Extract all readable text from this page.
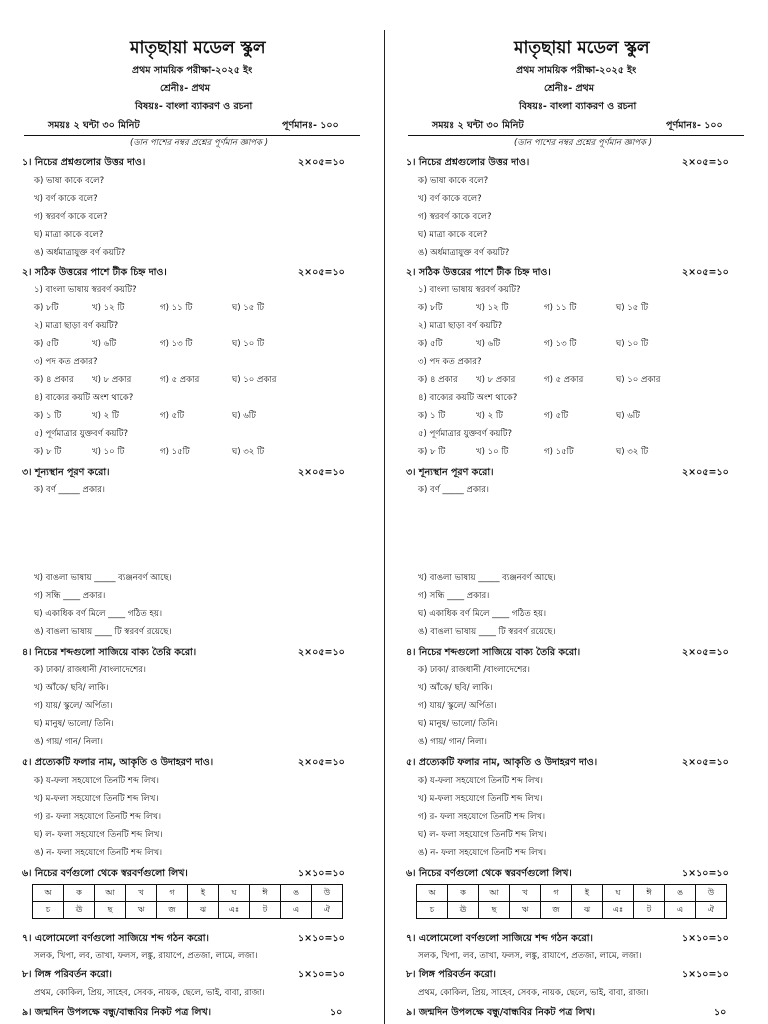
মাতৃছায়া মডেল স্কুল
প্রথম সাময়িক পরীক্ষা-২০২৫ ইং
শ্রেনীঃ- প্রথম
বিষয়ঃ- বাংলা ব্যাকরণ ও রচনা
সময়ঃ ২ ঘন্টা ৩০ মিনিট	পূর্ণমানঃ- ১০০
(ডান পাশের নম্বর প্রশ্নের পূর্ণমান জ্ঞাপক )
১। নিচের প্রশ্নগুলোর উত্তর দাও।	২×০৫=১০
ক) ভাষা কাকে বলে?
খ) বর্ণ কাকে বলে?
গ) স্বরবর্ণ কাকে বলে?
ঘ) মাত্রা কাকে বলে?
ঙ) অর্ধমাত্রাযুক্ত বর্ণ কয়টি?
২। সঠিক উত্তরের পাশে টীক চিহ্ন দাও।	২×০৫=১০
১) বাংলা ভাষায় স্বরবর্ণ কয়টি?
ক) ৮টি	খ) ১২ টি	গ) ১১ টি	ঘ) ১৫ টি
২) মাত্রা ছাড়া বর্ণ কয়টি?
ক) ৫টি	খ) ৬টি	গ) ১৩ টি	ঘ) ১০ টি
৩) পদ কত প্রকার?
ক) ৪ প্রকার খ) ৮ প্রকার	গ) ৫ প্রকার	ঘ) ১০ প্রকার
৪) বাক্যের কয়টি অংশ থাকে?
ক) ১ টি	খ) ২ টি	গ) ৫টি	ঘ) ৬টি
৫) পূর্ণমাত্রার যুক্তবর্ণ কয়টি?
ক) ৮ টি	খ) ১০ টি	গ) ১৫টি	ঘ) ৩২ টি
৩। শূন্যস্থান পূরণ করো।	২×০৫=১০
ক) বর্ণ _____ প্রকার।
খ) বাঙলা ভাষায় _____ ব্যঞ্জনবর্ণ আছে।
গ) সন্ধি ____ প্রকার।
ঘ) একাধিক বর্ণ মিলে ____ গঠিত হয়।
ঙ) বাঙলা ভাষায় ____ টি স্বরবর্ণ রয়েছে।
৪। নিচের শব্দগুলো সাজিয়ে বাক্য তৈরি করো।	২×০৫=১০
ক) ঢাকা/ রাজধানী /বাংলাদেশের।
খ) আঁকে/ ছবি/ লাকি।
গ) যায়/ স্কুলে/ অর্পিতা।
ঘ) মানুষ/ ভালো/ তিনি।
ঙ) গায়/ গান/ নিলা।
৫। প্রত্যেকটি ফলার নাম, আকৃতি ও উদাহরণ দাও।	২×০৫=১০
ক) য-ফলা সহযোগে তিনটি শব্দ লিখ।
খ) ম-ফলা সহযোগে তিনটি শব্দ লিখ।
গ) র- ফলা সহযোগে তিনটি শব্দ লিখ।
ঘ) ল- ফলা সহযোগে তিনটি শব্দ লিখ।
ঙ) ন- ফলা সহযোগে তিনটি শব্দ লিখ।
৬। নিচের বর্ণগুলো থেকে স্বরবর্ণগুলো লিখ।	১×১০=১০
অ	ক	আ	খ	গ	ই	ঘ	ঈ	ঙ	উ
চ	ঊ	ছ	ঋ	জ	ঝ	এঃ	ট	এ	ঐ
৭। এলোমেলো বর্ণগুলো সাজিয়ে শব্দ গঠন করো।	১×১০=১০
সলক, খিপা, লব, তাখা, ফলস, লঙ্কু, রাযাপে, প্রতজা, লামে, লজা।
৮। লিঙ্গ পরিবর্তন করো।	১×১০=১০
প্রথম, কোকিল, প্রিয়, সাহেব, সেবক, নায়ক, ছেলে, ভাই, বাবা, রাজা।
৯। জন্মদিন উপলক্ষে বন্ধু/বান্ধবির নিকট পত্র লিখ।	১০
মাতৃছায়া মডেল স্কুল
প্রথম সাময়িক পরীক্ষা-২০২৫ ইং
শ্রেনীঃ- প্রথম
বিষয়ঃ- বাংলা ব্যাকরণ ও রচনা
সময়ঃ ২ ঘন্টা ৩০ মিনিট	পূর্ণমানঃ- ১০০
(ডান পাশের নম্বর প্রশ্নের পূর্ণমান জ্ঞাপক )
১। নিচের প্রশ্নগুলোর উত্তর দাও।	২×০৫=১০
ক) ভাষা কাকে বলে?
খ) বর্ণ কাকে বলে?
গ) স্বরবর্ণ কাকে বলে?
ঘ) মাত্রা কাকে বলে?
ঙ) অর্ধমাত্রাযুক্ত বর্ণ কয়টি?
২। সঠিক উত্তরের পাশে টীক চিহ্ন দাও।	২×০৫=১০
১) বাংলা ভাষায় স্বরবর্ণ কয়টি?
ক) ৮টি	খ) ১২ টি	গ) ১১ টি	ঘ) ১৫ টি
২) মাত্রা ছাড়া বর্ণ কয়টি?
ক) ৫টি	খ) ৬টি	গ) ১৩ টি	ঘ) ১০ টি
৩) পদ কত প্রকার?
ক) ৪ প্রকার খ) ৮ প্রকার	গ) ৫ প্রকার	ঘ) ১০ প্রকার
৪) বাক্যের কয়টি অংশ থাকে?
ক) ১ টি	খ) ২ টি	গ) ৫টি	ঘ) ৬টি
৫) পূর্ণমাত্রার যুক্তবর্ণ কয়টি?
ক) ৮ টি	খ) ১০ টি	গ) ১৫টি	ঘ) ৩২ টি
৩। শূন্যস্থান পূরণ করো।	২×০৫=১০
ক) বর্ণ _____ প্রকার।
খ) বাঙলা ভাষায় _____ ব্যঞ্জনবর্ণ আছে।
গ) সন্ধি ____ প্রকার।
ঘ) একাধিক বর্ণ মিলে ____ গঠিত হয়।
ঙ) বাঙলা ভাষায় ____ টি স্বরবর্ণ রয়েছে।
৪। নিচের শব্দগুলো সাজিয়ে বাক্য তৈরি করো।	২×০৫=১০
ক) ঢাকা/ রাজধানী /বাংলাদেশের।
খ) আঁকে/ ছবি/ লাকি।
গ) যায়/ স্কুলে/ অর্পিতা।
ঘ) মানুষ/ ভালো/ তিনি।
ঙ) গায়/ গান/ নিলা।
৫। প্রত্যেকটি ফলার নাম, আকৃতি ও উদাহরণ দাও।	২×০৫=১০
ক) য-ফলা সহযোগে তিনটি শব্দ লিখ।
খ) ম-ফলা সহযোগে তিনটি শব্দ লিখ।
গ) র- ফলা সহযোগে তিনটি শব্দ লিখ।
ঘ) ল- ফলা সহযোগে তিনটি শব্দ লিখ।
ঙ) ন- ফলা সহযোগে তিনটি শব্দ লিখ।
৬। নিচের বর্ণগুলো থেকে স্বরবর্ণগুলো লিখ।	১×১০=১০
অ	ক	আ	খ	গ	ই	ঘ	ঈ	ঙ	উ
চ	ঊ	ছ	ঋ	জ	ঝ	এঃ	ট	এ	ঐ
৭। এলোমেলো বর্ণগুলো সাজিয়ে শব্দ গঠন করো।	১×১০=১০
সলক, খিপা, লব, তাখা, ফলস, লঙ্কু, রাযাপে, প্রতজা, লামে, লজা।
৮। লিঙ্গ পরিবর্তন করো।	১×১০=১০
প্রথম, কোকিল, প্রিয়, সাহেব, সেবক, নায়ক, ছেলে, ভাই, বাবা, রাজা।
৯। জন্মদিন উপলক্ষে বন্ধু/বান্ধবির নিকট পত্র লিখ।	১০
